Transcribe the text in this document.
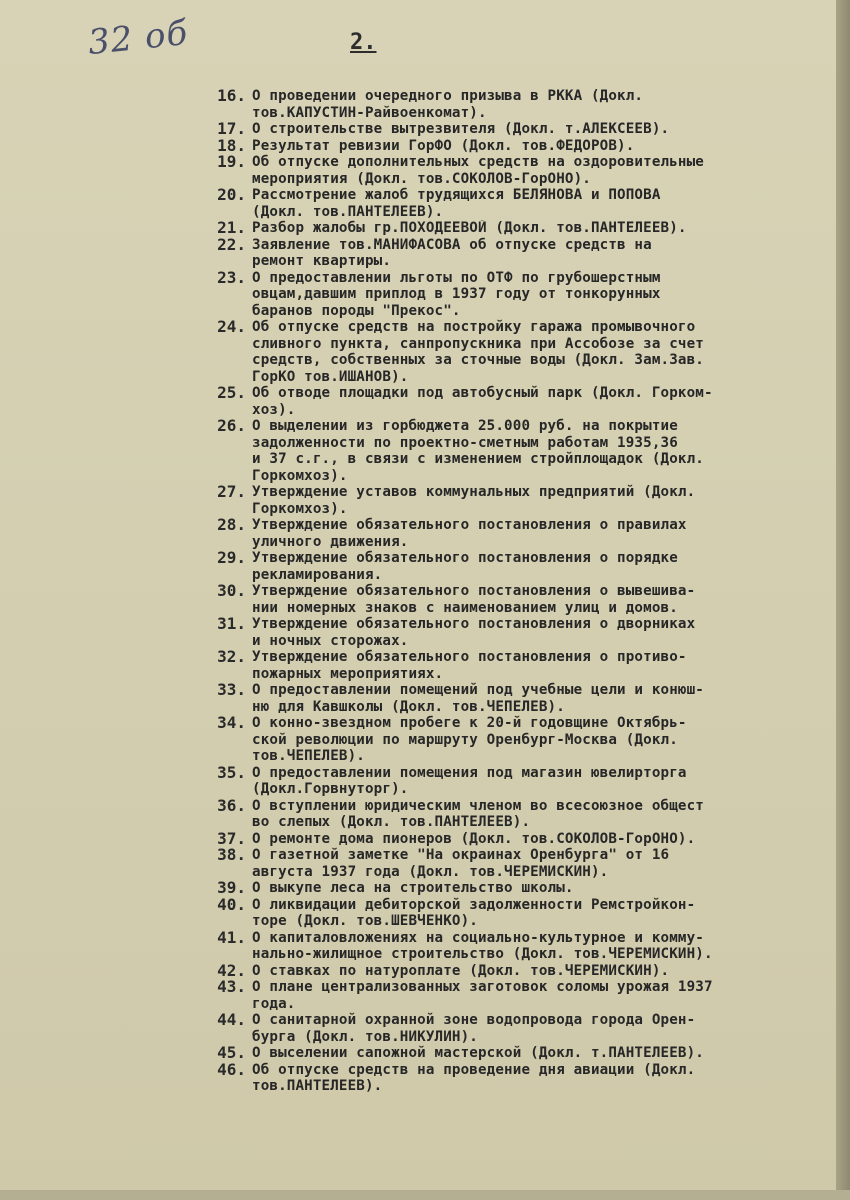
32 об	2.
16. О проведении очередного призыва в РККА (Докл.
тов.КАПУСТИН-Райвоенкомат).
17. О строительстве вытрезвителя (Докл. т.АЛЕКСЕЕВ).
18. Результат ревизии ГорФО (Докл. тов.ФЕДОРОВ).
19. Об отпуске дополнительных средств на оздоровительные
мероприятия (Докл. тов.СОКОЛОВ-ГорОНО).
20. Рассмотрение жалоб трудящихся БЕЛЯНОВА и ПОПОВА
(Докл. тов.ПАНТЕЛЕЕВ).
21. Разбор жалобы гр.ПОХОДЕЕВОЙ (Докл. тов.ПАНТЕЛЕЕВ).
22. Заявление тов.МАНИФАСОВА об отпуске средств на
ремонт квартиры.
23. О предоставлении льготы по ОТФ по грубошерстным
овцам,давшим приплод в 1937 году от тонкорунных
баранов породы "Прекос".
24. Об отпуске средств на постройку гаража промывочного
сливного пункта, санпропускника при Ассобозе за счет
средств, собственных за сточные воды (Докл. Зам.Зав.
ГорКО тов.ИШАНОВ).
25. Об отводе площадки под автобусный парк (Докл. Горком-
хоз).
26. О выделении из горбюджета 25.000 руб. на покрытие
задолженности по проектно-сметным работам 1935,36
и 37 с.г., в связи с изменением стройплощадок (Докл.
Горкомхоз).
27. Утверждение уставов коммунальных предприятий (Докл.
Горкомхоз).
28. Утверждение обязательного постановления о правилах
уличного движения.
29. Утверждение обязательного постановления о порядке
рекламирования.
30. Утверждение обязательного постановления о вывешива-
нии номерных знаков с наименованием улиц и домов.
31. Утверждение обязательного постановления о дворниках
и ночных сторожах.
32. Утверждение обязательного постановления о противо-
пожарных мероприятиях.
33. О предоставлении помещений под учебные цели и конюш-
ню для Кавшколы (Докл. тов.ЧЕПЕЛЕВ).
34. О конно-звездном пробеге к 20-й годовщине Октябрь-
ской революции по маршруту Оренбург-Москва (Докл.
тов.ЧЕПЕЛЕВ).
35. О предоставлении помещения под магазин ювелирторга
(Докл.Горвнуторг).
36. О вступлении юридическим членом во всесоюзное общест
во слепых (Докл. тов.ПАНТЕЛЕЕВ).
37. О ремонте дома пионеров (Докл. тов.СОКОЛОВ-ГорОНО).
38. О газетной заметке "На окраинах Оренбурга" от 16
августа 1937 года (Докл. тов.ЧЕРЕМИСКИН).
39. О выкупе леса на строительство школы.
40. О ликвидации дебиторской задолженности Ремстройкон-
торе (Докл. тов.ШЕВЧЕНКО).
41. О капиталовложениях на социально-культурное и комму-
нально-жилищное строительство (Докл. тов.ЧЕРЕМИСКИН).
42. О ставках по натуроплате (Докл. тов.ЧЕРЕМИСКИН).
43. О плане централизованных заготовок соломы урожая 1937
года.
44. О санитарной охранной зоне водопровода города Орен-
бурга (Докл. тов.НИКУЛИН).
45. О выселении сапожной мастерской (Докл. т.ПАНТЕЛЕЕВ).
46. Об отпуске средств на проведение дня авиации (Докл.
тов.ПАНТЕЛЕЕВ).
